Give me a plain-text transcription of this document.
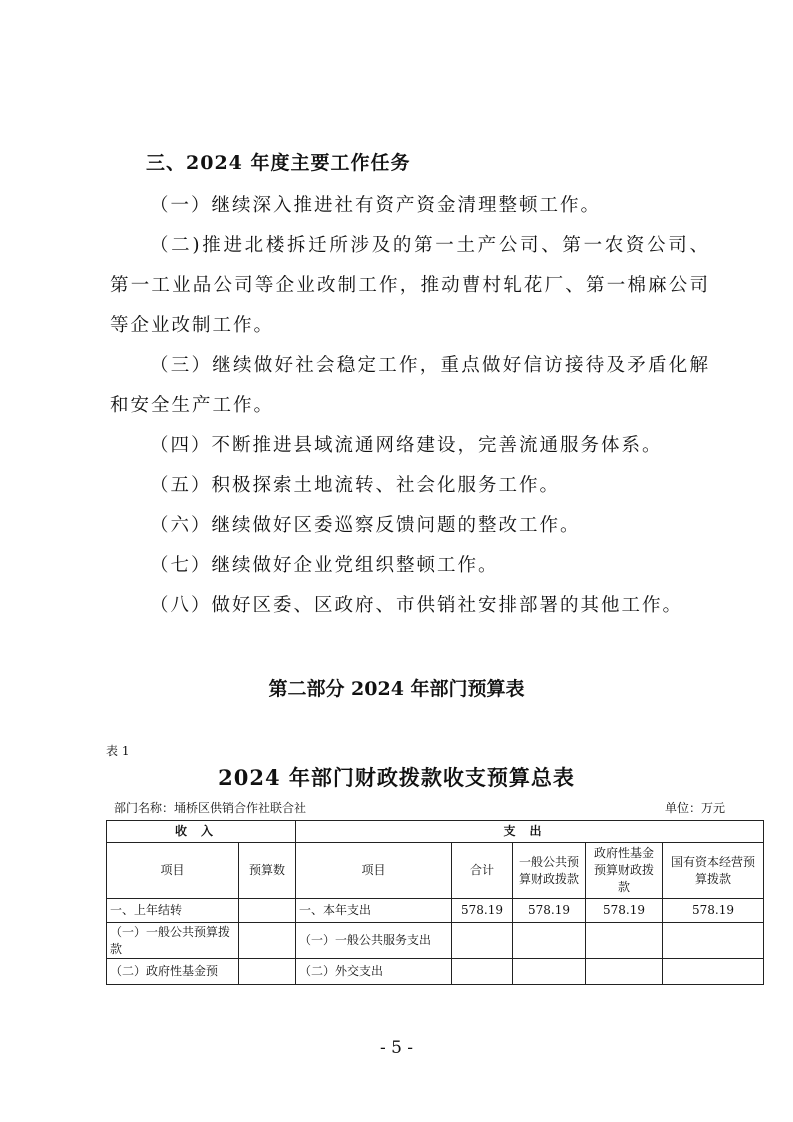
三、2024 年度主要工作任务
（一）继续深入推进社有资产资金清理整顿工作。
（二)推进北楼拆迁所涉及的第一土产公司、第一农资公司、第一工业品公司等企业改制工作，推动曹村轧花厂、第一棉麻公司等企业改制工作。
（三）继续做好社会稳定工作，重点做好信访接待及矛盾化解和安全生产工作。
（四）不断推进县域流通网络建设，完善流通服务体系。
（五）积极探索土地流转、社会化服务工作。
（六）继续做好区委巡察反馈问题的整改工作。
（七）继续做好企业党组织整顿工作。
（八）做好区委、区政府、市供销社安排部署的其他工作。
第二部分 2024 年部门预算表
表 1
2024 年部门财政拨款收支预算总表
部门名称：埇桥区供销合作社联合社	单位：万元
收入		支出				
项目	预算数	项目	合计	一般公共预算财政拨款	政府性基金预算财政拨款	国有资本经营预算拨款
一、上年结转		一、本年支出	578.19	578.19	578.19	578.19
（一）一般公共预算拨款		（一）一般公共服务支出				
（二）政府性基金预		（二）外交支出				
- 5 -
